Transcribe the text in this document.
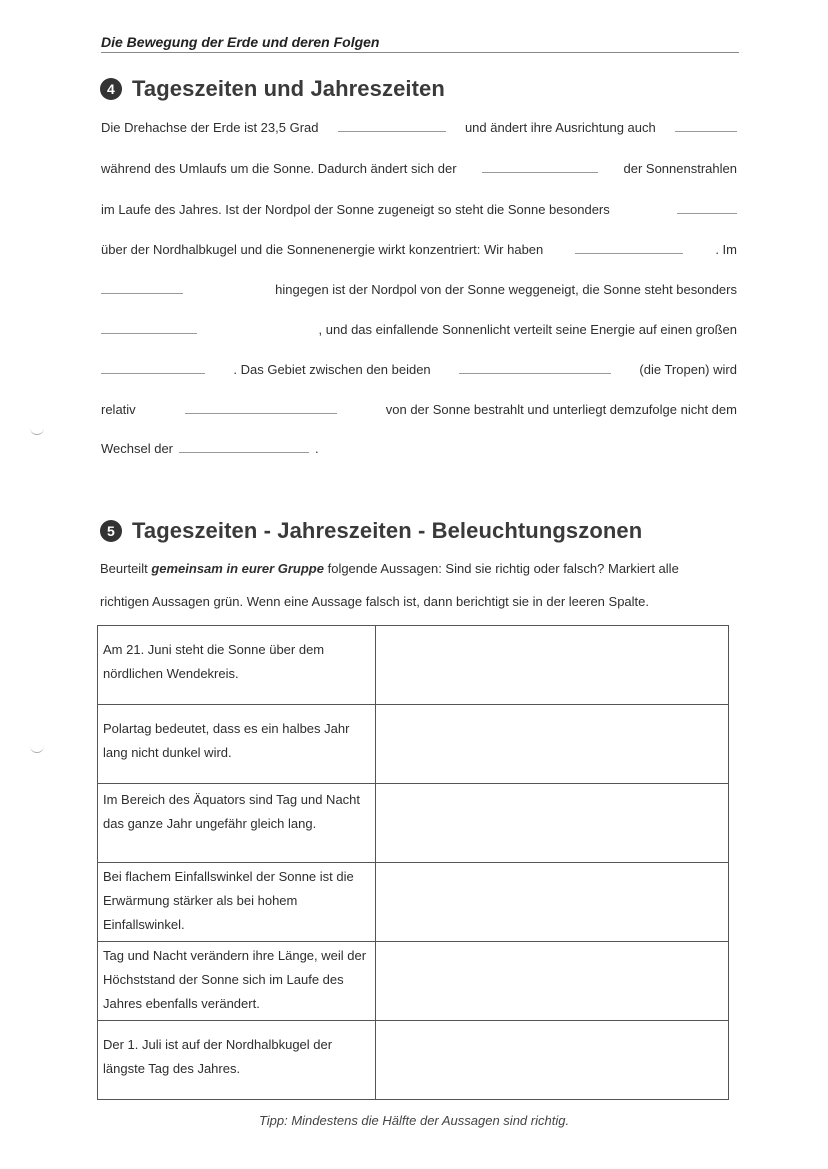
Die Bewegung der Erde und deren Folgen
4 Tageszeiten und Jahreszeiten
Die Drehachse der Erde ist 23,5 Grad	und ändert ihre Ausrichtung auch
während des Umlaufs um die Sonne. Dadurch ändert sich der	der Sonnenstrahlen
im Laufe des Jahres. Ist der Nordpol der Sonne zugeneigt so steht die Sonne besonders
über der Nordhalbkugel und die Sonnenenergie wirkt konzentriert: Wir haben	. Im
hingegen ist der Nordpol von der Sonne weggeneigt, die Sonne steht besonders
, und das einfallende Sonnenlicht verteilt seine Energie auf einen großen
. Das Gebiet zwischen den beiden	(die Tropen) wird
relativ	von der Sonne bestrahlt und unterliegt demzufolge nicht dem
Wechsel der	.
5 Tageszeiten - Jahreszeiten - Beleuchtungszonen
Beurteilt gemeinsam in eurer Gruppe folgende Aussagen: Sind sie richtig oder falsch? Markiert alle
richtigen Aussagen grün. Wenn eine Aussage falsch ist, dann berichtigt sie in der leeren Spalte.
Am 21. Juni steht die Sonne über dem nördlichen Wendekreis.	
Polartag bedeutet, dass es ein halbes Jahr lang nicht dunkel wird.	
Im Bereich des Äquators sind Tag und Nacht das ganze Jahr ungefähr gleich lang.	
Bei flachem Einfallswinkel der Sonne ist die Erwärmung stärker als bei hohem Einfallswinkel.	
Tag und Nacht verändern ihre Länge, weil der Höchststand der Sonne sich im Laufe des Jahres ebenfalls verändert.	
Der 1. Juli ist auf der Nordhalbkugel der längste Tag des Jahres.	
Tipp: Mindestens die Hälfte der Aussagen sind richtig.
